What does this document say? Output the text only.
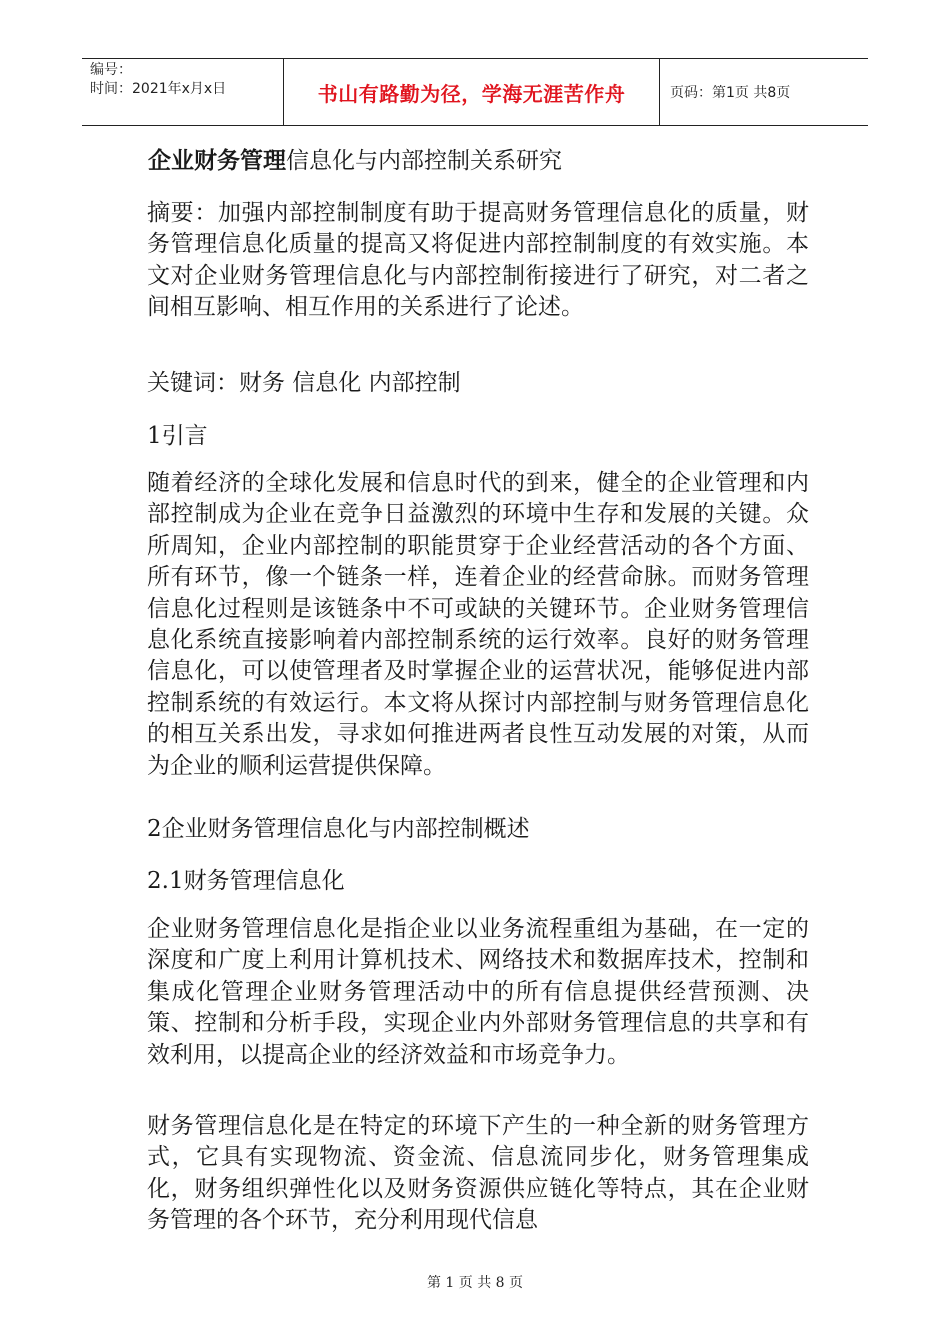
编号：
时间：2021年x月x日	书山有路勤为径，学海无涯苦作舟	页码：第1页 共8页
企业财务管理信息化与内部控制关系研究

摘要：加强内部控制制度有助于提高财务管理信息化的质量，财务管理信息化质量的提高又将促进内部控制制度的有效实施。本文对企业财务管理信息化与内部控制衔接进行了研究，对二者之间相互影响、相互作用的关系进行了论述。

关键词：财务 信息化 内部控制

1引言

随着经济的全球化发展和信息时代的到来，健全的企业管理和内部控制成为企业在竞争日益激烈的环境中生存和发展的关键。众所周知，企业内部控制的职能贯穿于企业经营活动的各个方面、所有环节，像一个链条一样，连着企业的经营命脉。而财务管理信息化过程则是该链条中不可或缺的关键环节。企业财务管理信息化系统直接影响着内部控制系统的运行效率。良好的财务管理信息化，可以使管理者及时掌握企业的运营状况，能够促进内部控制系统的有效运行。本文将从探讨内部控制与财务管理信息化的相互关系出发，寻求如何推进两者良性互动发展的对策，从而为企业的顺利运营提供保障。

2企业财务管理信息化与内部控制概述

2.1财务管理信息化

企业财务管理信息化是指企业以业务流程重组为基础，在一定的深度和广度上利用计算机技术、网络技术和数据库技术，控制和集成化管理企业财务管理活动中的所有信息提供经营预测、决策、控制和分析手段，实现企业内外部财务管理信息的共享和有效利用，以提高企业的经济效益和市场竞争力。

财务管理信息化是在特定的环境下产生的一种全新的财务管理方式，它具有实现物流、资金流、信息流同步化，财务管理集成化，财务组织弹性化以及财务资源供应链化等特点，其在企业财务管理的各个环节，充分利用现代信息

第 1 页 共 8 页
